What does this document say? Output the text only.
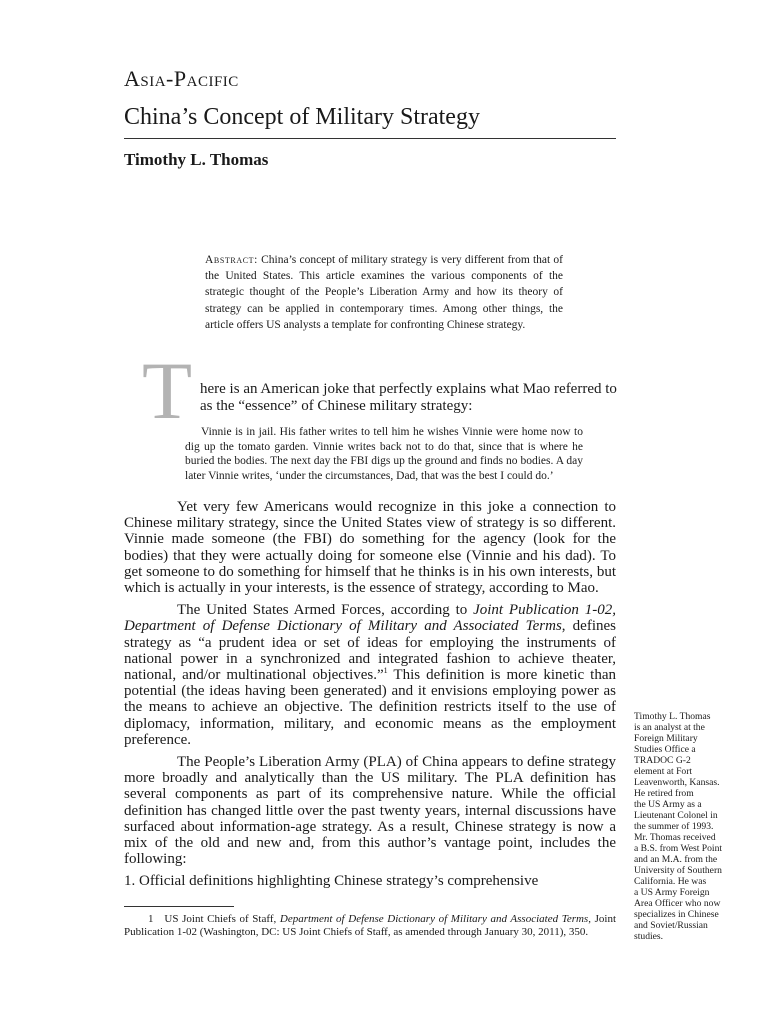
Asia-Pacific
China’s Concept of Military Strategy
Timothy L. Thomas
Abstract: China’s concept of military strategy is very different from that of the United States. This article examines the various components of the strategic thought of the People’s Liberation Army and how its theory of strategy can be applied in contemporary times. Among other things, the article offers US analysts a template for confronting Chinese strategy.
T here is an American joke that perfectly explains what Mao referred to as the “essence” of Chinese military strategy:
Vinnie is in jail. His father writes to tell him he wishes Vinnie were home now to dig up the tomato garden. Vinnie writes back not to do that, since that is where he buried the bodies. The next day the FBI digs up the ground and finds no bodies. A day later Vinnie writes, ‘under the circumstances, Dad, that was the best I could do.’

Yet very few Americans would recognize in this joke a connection to Chinese military strategy, since the United States view of strategy is so different. Vinnie made someone (the FBI) do something for the agency (look for the bodies) that they were actually doing for someone else (Vinnie and his dad). To get someone to do something for himself that he thinks is in his own interests, but which is actually in your interests, is the essence of strategy, according to Mao.

The United States Armed Forces, according to Joint Publication 1-02, Department of Defense Dictionary of Military and Associated Terms, defines strategy as “a prudent idea or set of ideas for employing the instruments of national power in a synchronized and integrated fashion to achieve theater, national, and/or multinational objectives.”$^1$ This definition is more kinetic than potential (the ideas having been generated) and it envisions employing power as the means to achieve an objective. The definition restricts itself to the use of diplomacy, information, military, and economic means as the employment preference.

The People’s Liberation Army (PLA) of China appears to define strategy more broadly and analytically than the US military. The PLA definition has several components as part of its comprehensive nature. While the official definition has changed little over the past twenty years, internal discussions have surfaced about information-age strategy. As a result, Chinese strategy is now a mix of the old and new and, from this author’s vantage point, includes the following:

1. Official definitions highlighting Chinese strategy’s comprehensive

1 US Joint Chiefs of Staff, Department of Defense Dictionary of Military and Associated Terms, Joint Publication 1-02 (Washington, DC: US Joint Chiefs of Staff, as amended through January 30, 2011), 350.
Timothy L. Thomas
is an analyst at the
Foreign Military
Studies Office a
TRADOC G-2
element at Fort
Leavenworth, Kansas.
He retired from
the US Army as a
Lieutenant Colonel in
the summer of 1993.
Mr. Thomas received
a B.S. from West Point
and an M.A. from the
University of Southern
California. He was
a US Army Foreign
Area Officer who now
specializes in Chinese
and Soviet/Russian
studies.
